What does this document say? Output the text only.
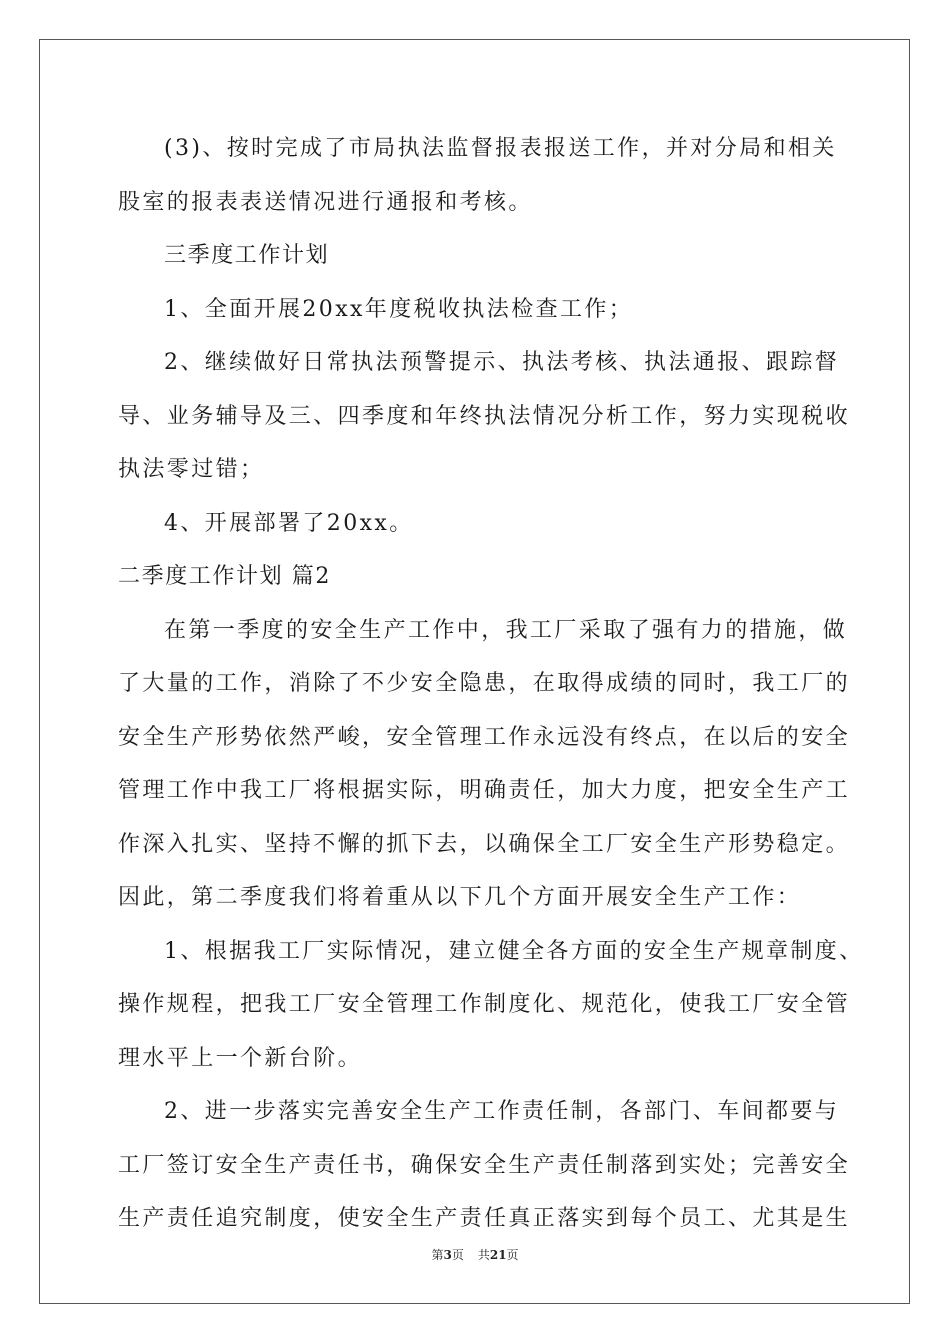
(3)、按时完成了市局执法监督报表报送工作，并对分局和相关
股室的报表表送情况进行通报和考核。
三季度工作计划
1、全面开展20xx年度税收执法检查工作；
2、继续做好日常执法预警提示、执法考核、执法通报、跟踪督
导、业务辅导及三、四季度和年终执法情况分析工作，努力实现税收
执法零过错；
4、开展部署了20xx。
二季度工作计划 篇2
在第一季度的安全生产工作中，我工厂采取了强有力的措施，做
了大量的工作，消除了不少安全隐患，在取得成绩的同时，我工厂的
安全生产形势依然严峻，安全管理工作永远没有终点，在以后的安全
管理工作中我工厂将根据实际，明确责任，加大力度，把安全生产工
作深入扎实、坚持不懈的抓下去，以确保全工厂安全生产形势稳定。
因此，第二季度我们将着重从以下几个方面开展安全生产工作：
1、根据我工厂实际情况，建立健全各方面的安全生产规章制度、
操作规程，把我工厂安全管理工作制度化、规范化，使我工厂安全管
理水平上一个新台阶。
2、进一步落实完善安全生产工作责任制，各部门、车间都要与
工厂签订安全生产责任书，确保安全生产责任制落到实处；完善安全
生产责任追究制度，使安全生产责任真正落实到每个员工、尤其是生
第3页 共21页
